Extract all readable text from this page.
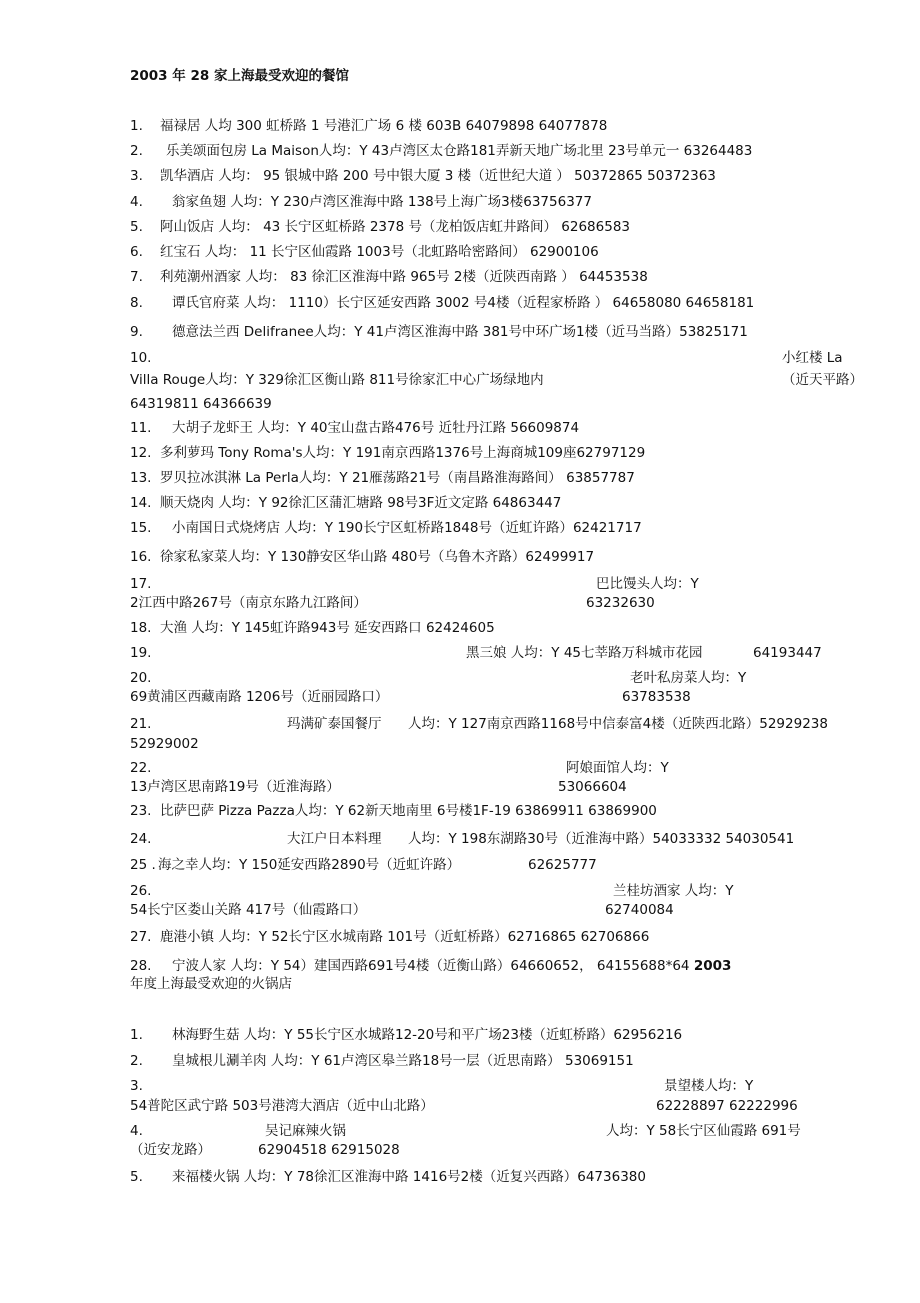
2003 年 28 家上海最受欢迎的餐馆
1. 福禄居 人均 300 虹桥路 1 号港汇广场 6 楼 603B 64079898 64077878
2. 乐美颂面包房 La Maison人均：Y 43卢湾区太仓路181弄新天地广场北里 23号单元一 63264483
3. 凯华酒店 人均： 95 银城中路 200 号中银大厦 3 楼（近世纪大道 ） 50372865 50372363
4. 翁家鱼翅 人均：Y 230卢湾区淮海中路 138号上海广场3楼63756377
5. 阿山饭店 人均： 43 长宁区虹桥路 2378 号（龙柏饭店虹井路间） 62686583
6. 红宝石 人均： 11 长宁区仙霞路 1003号（北虹路哈密路间） 62900106
7. 利苑潮州酒家 人均： 83 徐汇区淮海中路 965号 2楼（近陕西南路 ） 64453538
8. 谭氏官府菜 人均： 1110）长宁区延安西路 3002 号4楼（近程家桥路 ） 64658080 64658181
9. 德意法兰西 Delifranee人均：Y 41卢湾区淮海中路 381号中环广场1楼（近马当路）53825171
10.	小红楼 La
Villa Rouge人均：Y 329徐汇区衡山路 811号徐家汇中心广场绿地内	（近天平路）
64319811 64366639
11. 大胡子龙虾王 人均：Y 40宝山盘古路476号 近牡丹江路 56609874
12. 多利萝玛 Tony Roma's人均：Y 191南京西路1376号上海商城109座62797129
13. 罗贝拉冰淇淋 La Perla人均：Y 21雁荡路21号（南昌路淮海路间） 63857787
14. 顺天烧肉 人均：Y 92徐汇区蒲汇塘路 98号3F近文定路 64863447
15. 小南国日式烧烤店 人均：Y 190长宁区虹桥路1848号（近虹许路）62421717
16. 徐家私家菜人均：Y 130静安区华山路 480号（乌鲁木齐路）62499917
17.	巴比馒头人均：Y
2江西中路267号（南京东路九江路间）	63232630
18. 大渔 人均：Y 145虹许路943号 延安西路口 62424605
19.	黑三娘 人均：Y 45七莘路万科城市花园	64193447
20.	老叶私房菜人均：Y
69黄浦区西藏南路 1206号（近丽园路口）	63783538
21.	玛满矿泰国餐厅 人均：Y 127南京西路1168号中信泰富4楼（近陕西北路）52929238
52929002
22.	阿娘面馆人均：Y
13卢湾区思南路19号（近淮海路）	53066604
23. 比萨巴萨 Pizza Pazza人均：Y 62新天地南里 6号楼1F-19 63869911 63869900
24.	大江户日本料理 人均：Y 198东湖路30号（近淮海中路）54033332 54030541
25 . 海之幸人均：Y 150延安西路2890号（近虹许路）	62625777
26.	兰桂坊酒家 人均：Y
54长宁区娄山关路 417号（仙霞路口）	62740084
27. 鹿港小镇 人均：Y 52长宁区水城南路 101号（近虹桥路）62716865 62706866
28. 宁波人家 人均：Y 54）建国西路691号4楼（近衡山路）64660652， 64155688*64 2003
年度上海最受欢迎的火锅店
1. 林海野生菇 人均：Y 55长宁区水城路12-20号和平广场23楼（近虹桥路）62956216
2. 皇城根儿涮羊肉 人均：Y 61卢湾区皋兰路18号一层（近思南路） 53069151
3.	景望楼人均：Y
54普陀区武宁路 503号港湾大酒店（近中山北路）	62228897 62222996
4.	吴记麻辣火锅	人均：Y 58长宁区仙霞路 691号
（近安龙路）	62904518 62915028
5. 来福楼火锅 人均：Y 78徐汇区淮海中路 1416号2楼（近复兴西路）64736380
